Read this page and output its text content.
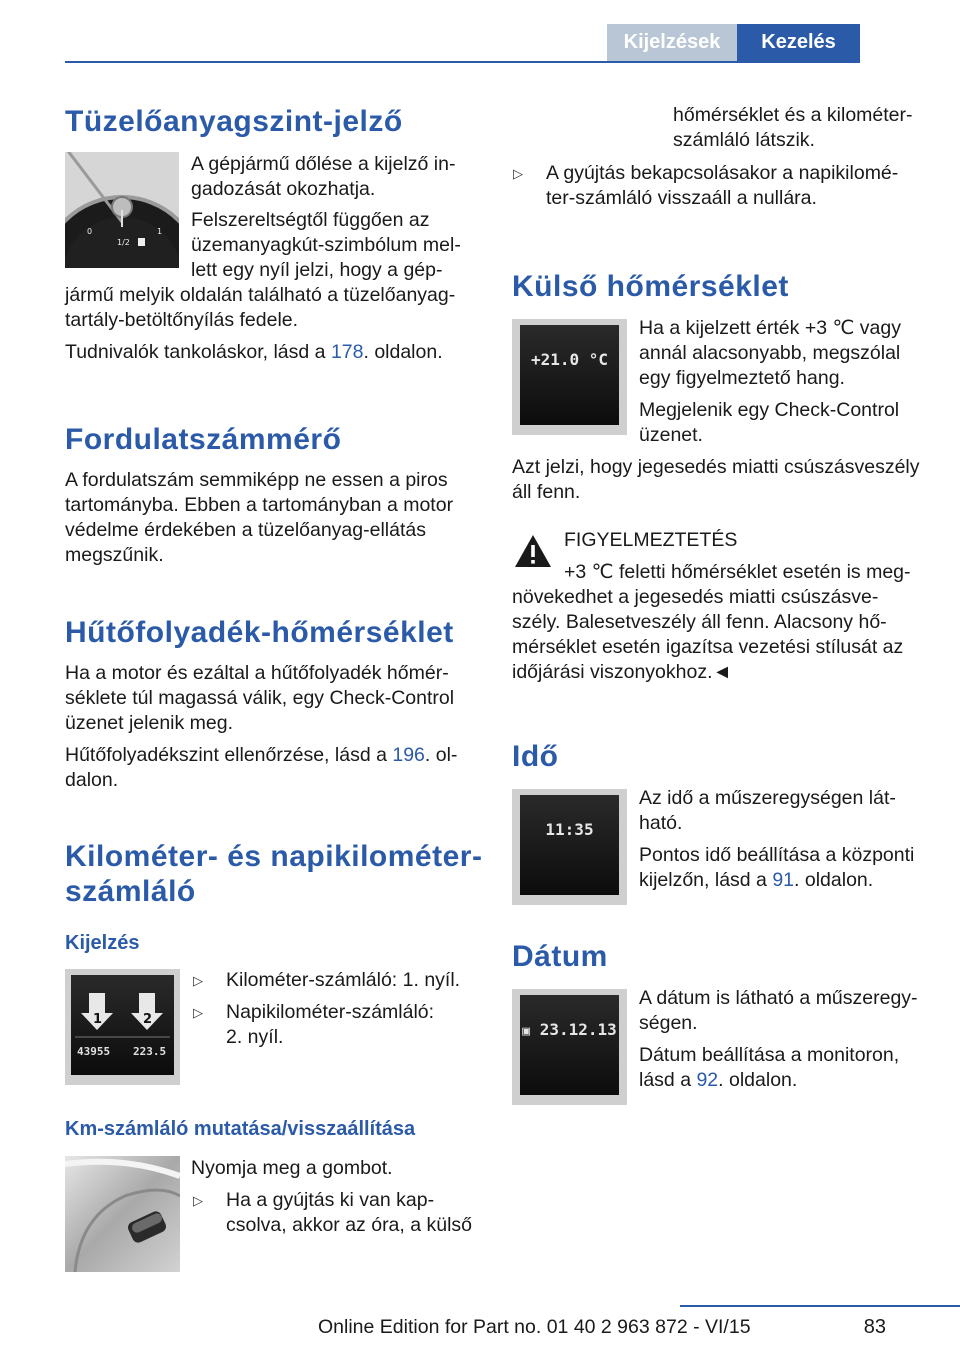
Kijelzések	Kezelés
Tüzelőanyagszint-jelző
0
1/2
1

A gépjármű dőlése a kijelző in-

gadozását okozhatja.

Felszereltségtől függően az

üzemanyagkút-szimbólum mel-

lett egy nyíl jelzi, hogy a gép-

jármű melyik oldalán található a tüzelőanyag-

tartály-betöltőnyílás fedele.

Tudnivalók tankoláskor, lásd a 178. oldalon.

Fordulatszámmérő

A fordulatszám semmiképp ne essen a piros

tartományba. Ebben a tartományban a motor

védelme érdekében a tüzelőanyag-ellátás

megszűnik.

Hűtőfolyadék-hőmérséklet

Ha a motor és ezáltal a hűtőfolyadék hőmér-

séklete túl magassá válik, egy Check-Control

üzenet jelenik meg.

Hűtőfolyadékszint ellenőrzése, lásd a 196. ol-

dalon.

Kilométer- és napikilométer-
számláló
Kijelzés
1	2
43955 223.5
▷ Kilométer-számláló: 1. nyíl.

▷ Napikilométer-számláló:

2. nyíl.

Km-számláló mutatása/visszaállítása

Nyomja meg a gombot.

▷ Ha a gyújtás ki van kap-

csolva, akkor az óra, a külső

hőmérséklet és a kilométer-

számláló látszik.

▷ A gyújtás bekapcsolásakor a napikilomé-

ter-számláló visszaáll a nullára.

Külső hőmérséklet
+21.0 °C

Ha a kijelzett érték +3 ℃ vagy

annál alacsonyabb, megszólal

egy figyelmeztető hang.

Megjelenik egy Check-Control

üzenet.

Azt jelzi, hogy jegesedés miatti csúszásveszély

áll fenn.

FIGYELMEZTETÉS

+3 ℃ feletti hőmérséklet esetén is meg-

növekedhet a jegesedés miatti csúszásve-

szély. Balesetveszély áll fenn. Alacsony hő-

mérséklet esetén igazítsa vezetési stílusát az

időjárási viszonyokhoz.◄

Idő
11:35

Az idő a műszeregységen lát-

ható.

Pontos idő beállítása a központi

kijelzőn, lásd a 91. oldalon.

Dátum
▣ 23.12.13

A dátum is látható a műszeregy-

ségen.

Dátum beállítása a monitoron,

lásd a 92. oldalon.

83
Online Edition for Part no. 01 40 2 963 872 - VI/15
